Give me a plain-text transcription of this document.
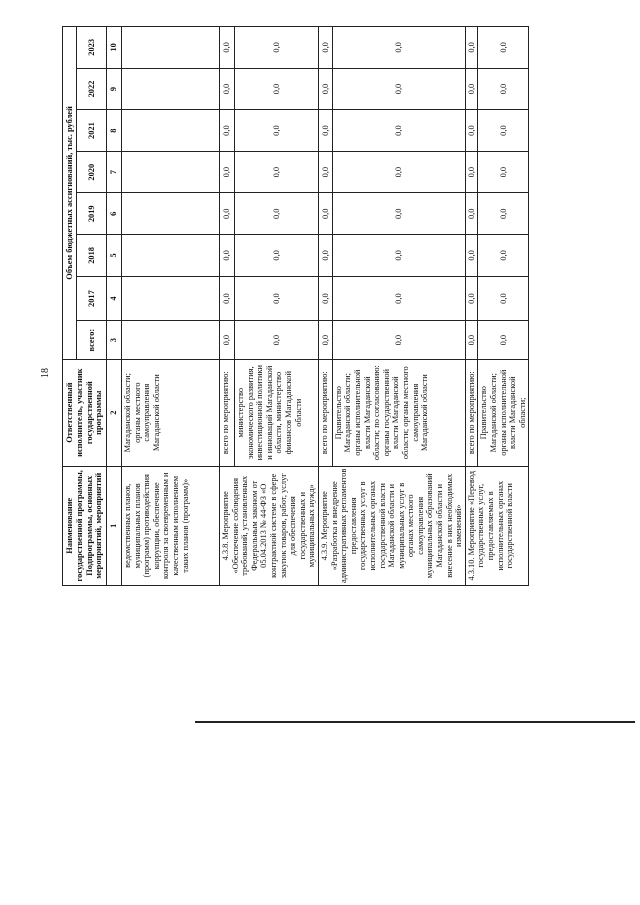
18
Наименование государственной программы, Подпрограммы, основных мероприятий, мероприятий	Ответственный исполнитель, участник государственной программы	Объем бюджетных ассигнований, тыс. рублей							
		всего:	2017	2018	2019	2020	2021	2022	2023
1	2	3	4	5	6	7	8	9	10
ведомственных планов, муниципальных планов (программ) противодействия коррупции, обеспечение контроля за своевременным и качественным исполнением таких планов (программ)»	Магаданской области; органы местного самоуправления Магаданской области								
4.3.8. Мероприятие «Обеспечение соблюдения требований, установленных Федеральным законом от 05.04.2013 № 44-ФЗ «О контрактной системе в сфере закупок товаров, работ, услуг для обеспечения государственных и муниципальных нужд»	всего по мероприятию:	0,0	0,0	0,0	0,0	0,0	0,0	0,0	0,0
	министерство экономического развития, инвестиционной политики и инноваций Магаданской области, министерство финансов Магаданской области	0,0	0,0	0,0	0,0	0,0	0,0	0,0	0,0
4.3.9. Мероприятие «Разработка и внедрение административных регламентов предоставления государственных услуг в исполнительных органах государственной власти Магаданской области и муниципальных услуг в органах местного самоуправления муниципальных образований Магаданской области и внесение в них необходимых изменений»	всего по мероприятию:	0,0	0,0	0,0	0,0	0,0	0,0	0,0	0,0
	Правительство Магаданской области; органы исполнительной власти Магаданской области; по согласованию: органы государственной власти Магаданской области; органы местного самоуправления Магаданской области	0,0	0,0	0,0	0,0	0,0	0,0	0,0	0,0
4.3.10. Мероприятие «Перевод государственных услуг, предоставляемых в исполнительных органах государственной власти	всего по мероприятию:	0,0	0,0	0,0	0,0	0,0	0,0	0,0	0,0
	Правительство Магаданской области; органы исполнительной власти Магаданской области;	0,0	0,0	0,0	0,0	0,0	0,0	0,0	0,0
